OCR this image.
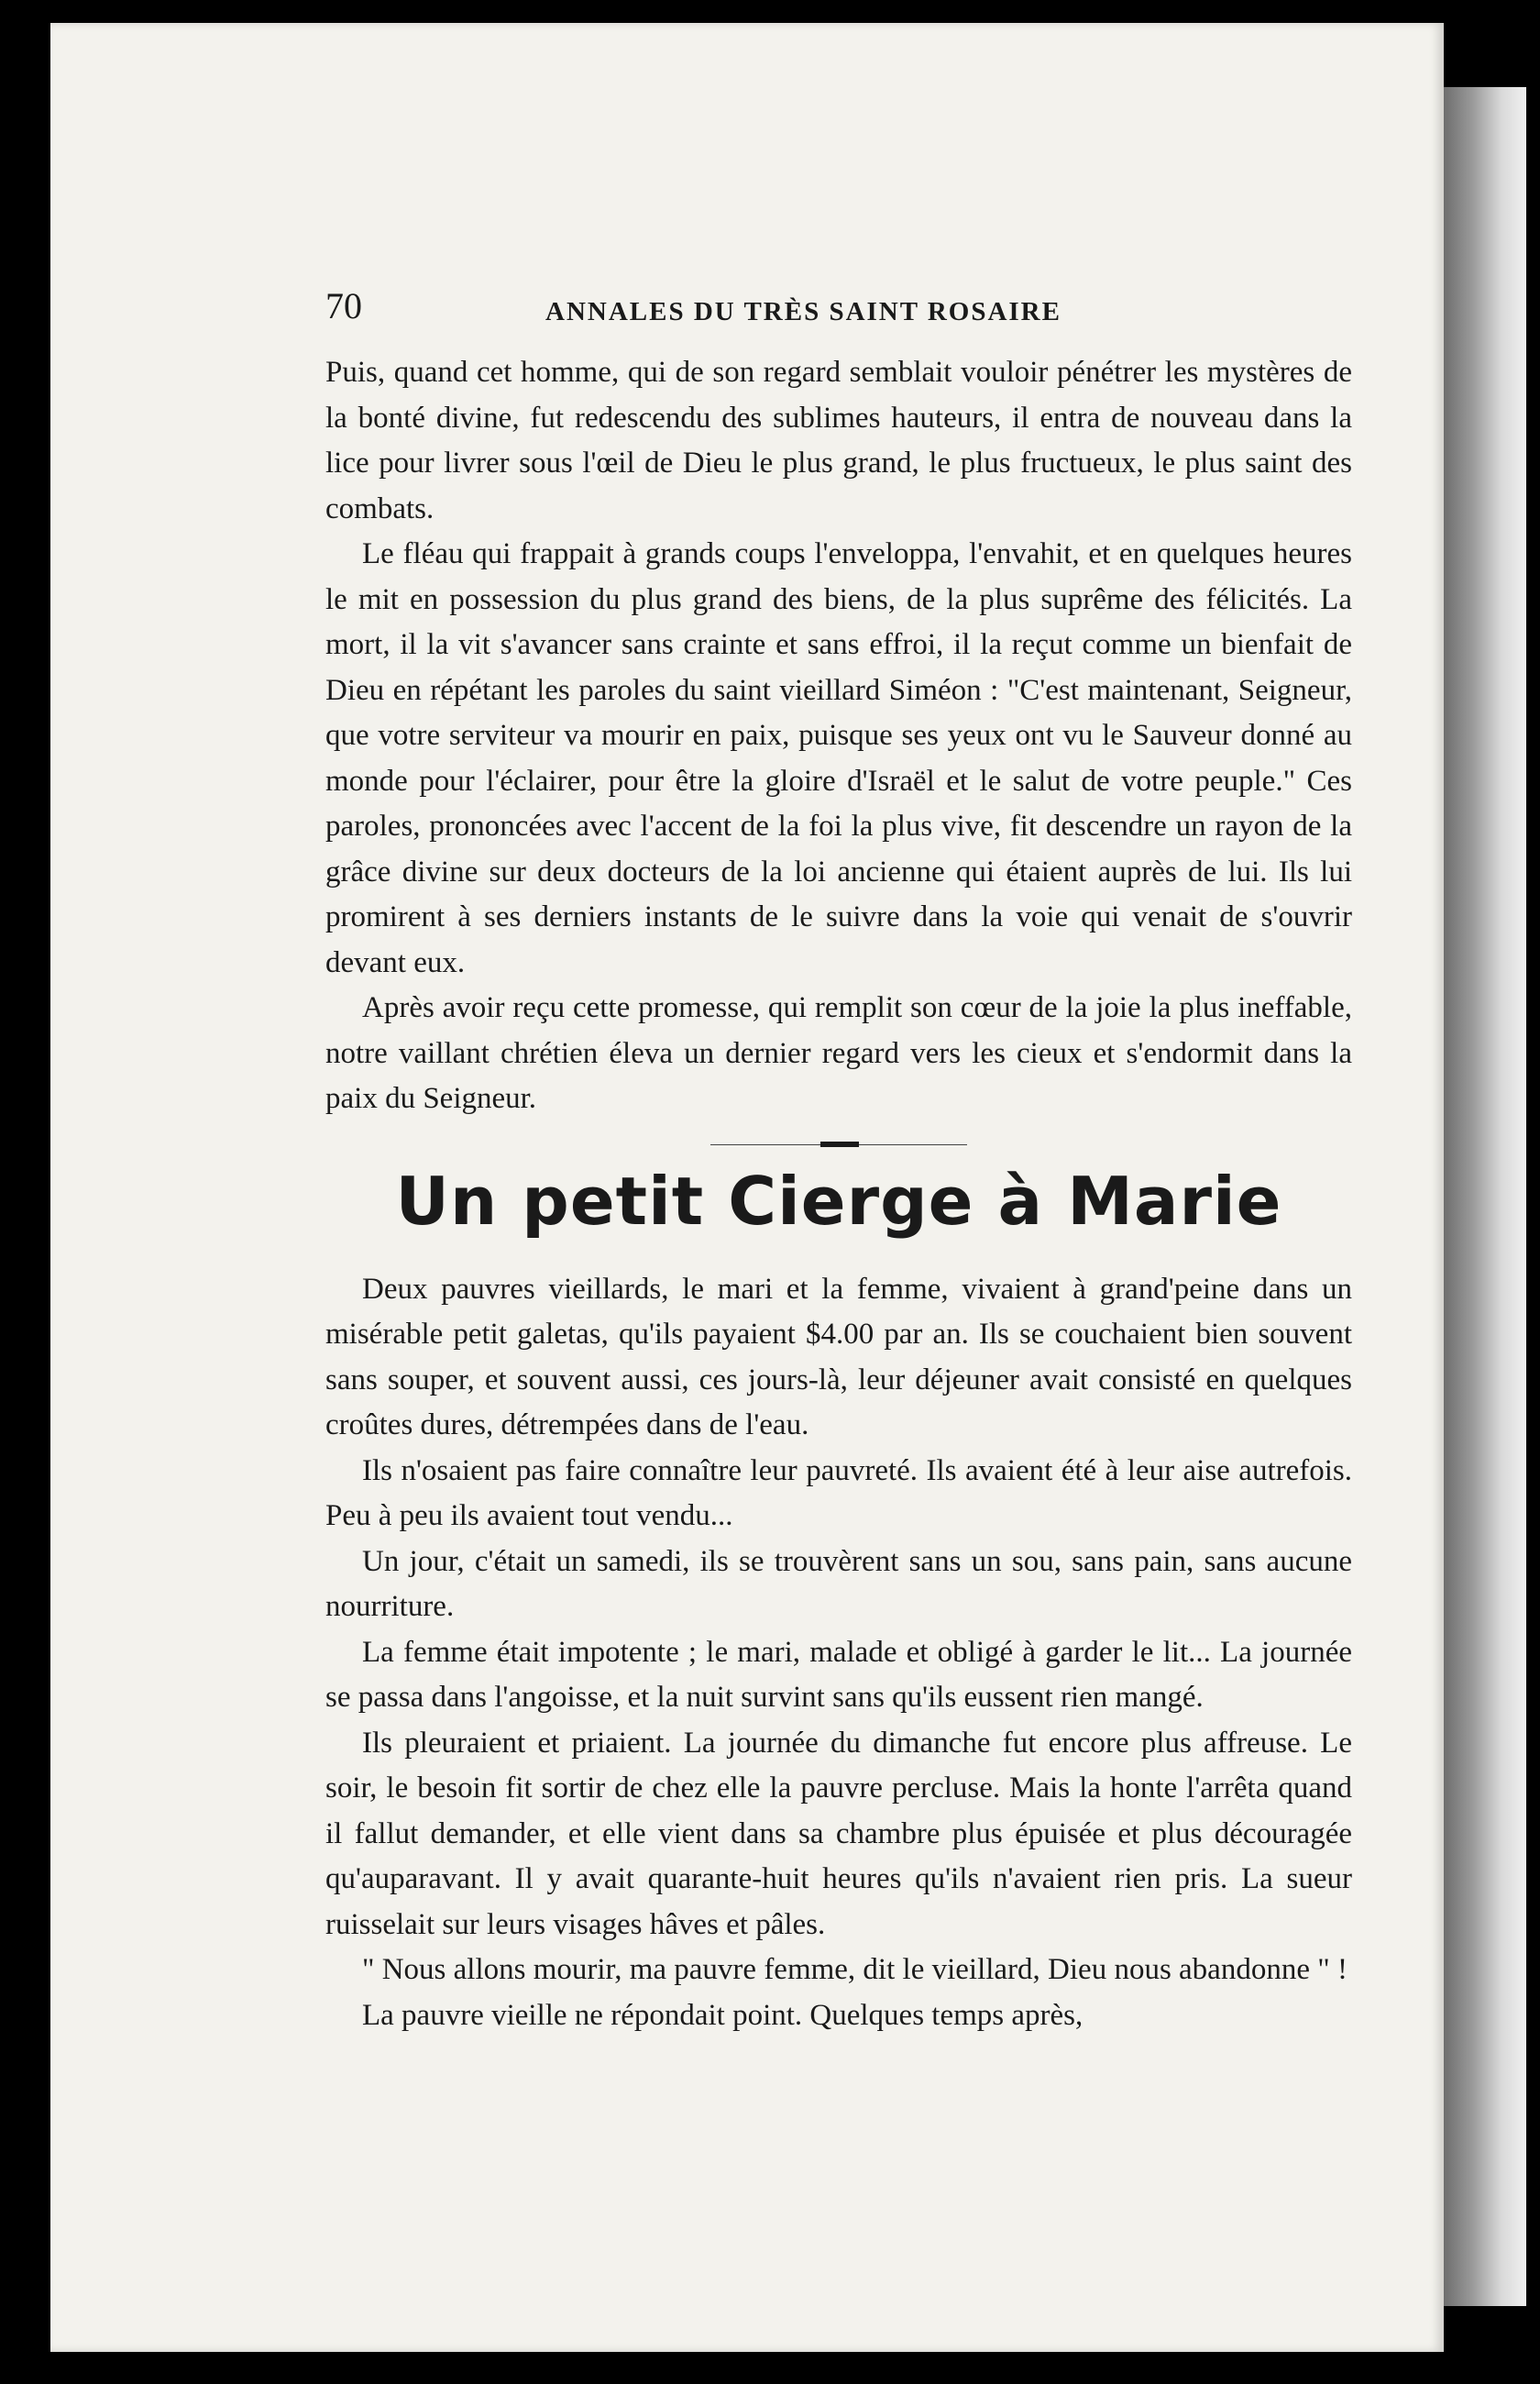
70	ANNALES DU TRÈS SAINT ROSAIRE

Puis, quand cet homme, qui de son regard semblait vouloir pénétrer les mystères de la bonté divine, fut redescendu des sublimes hauteurs, il entra de nouveau dans la lice pour livrer sous l'œil de Dieu le plus grand, le plus fructueux, le plus saint des combats.

Le fléau qui frappait à grands coups l'enveloppa, l'envahit, et en quelques heures le mit en possession du plus grand des biens, de la plus suprême des félicités. La mort, il la vit s'avancer sans crainte et sans effroi, il la reçut comme un bienfait de Dieu en répétant les paroles du saint vieillard Siméon : "C'est maintenant, Seigneur, que votre serviteur va mourir en paix, puisque ses yeux ont vu le Sauveur donné au monde pour l'éclairer, pour être la gloire d'Israël et le salut de votre peuple." Ces paroles, prononcées avec l'accent de la foi la plus vive, fit descendre un rayon de la grâce divine sur deux docteurs de la loi ancienne qui étaient auprès de lui. Ils lui promirent à ses derniers instants de le suivre dans la voie qui venait de s'ouvrir devant eux.

Après avoir reçu cette promesse, qui remplit son cœur de la joie la plus ineffable, notre vaillant chrétien éleva un dernier regard vers les cieux et s'endormit dans la paix du Seigneur.

Un petit Cierge à Marie

Deux pauvres vieillards, le mari et la femme, vivaient à grand'peine dans un misérable petit galetas, qu'ils payaient $4.00 par an. Ils se couchaient bien souvent sans souper, et souvent aussi, ces jours-là, leur déjeuner avait consisté en quelques croûtes dures, détrempées dans de l'eau.

Ils n'osaient pas faire connaître leur pauvreté. Ils avaient été à leur aise autrefois. Peu à peu ils avaient tout vendu...

Un jour, c'était un samedi, ils se trouvèrent sans un sou, sans pain, sans aucune nourriture.

La femme était impotente ; le mari, malade et obligé à garder le lit... La journée se passa dans l'angoisse, et la nuit survint sans qu'ils eussent rien mangé.

Ils pleuraient et priaient. La journée du dimanche fut encore plus affreuse. Le soir, le besoin fit sortir de chez elle la pauvre percluse. Mais la honte l'arrêta quand il fallut demander, et elle vient dans sa chambre plus épuisée et plus découragée qu'auparavant. Il y avait quarante-huit heures qu'ils n'avaient rien pris. La sueur ruisselait sur leurs visages hâves et pâles.

" Nous allons mourir, ma pauvre femme, dit le vieillard, Dieu nous abandonne " !

La pauvre vieille ne répondait point. Quelques temps après,
